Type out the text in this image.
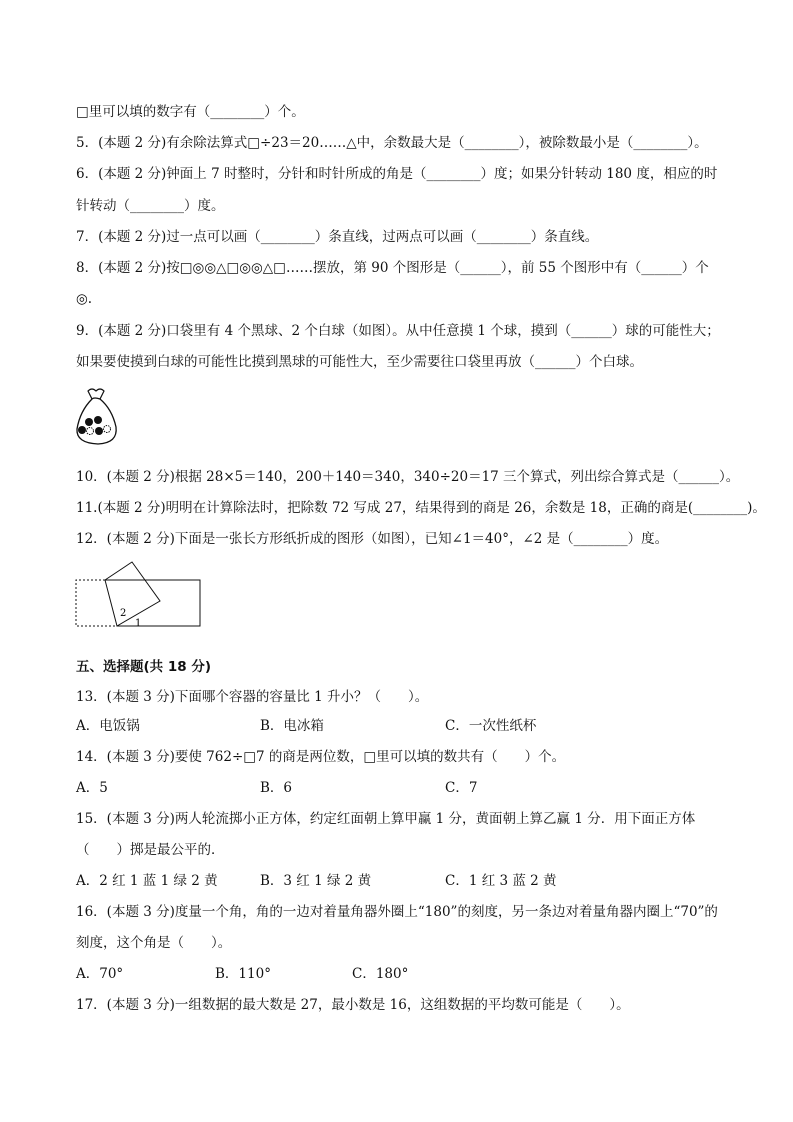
□里可以填的数字有（________）个。
5．(本题 2 分)有余除法算式□÷23＝20……△中，余数最大是（________），被除数最小是（________）。
6．(本题 2 分)钟面上 7 时整时，分针和时针所成的角是（________）度；如果分针转动 180 度，相应的时
针转动（________）度。
7．(本题 2 分)过一点可以画（________）条直线，过两点可以画（________）条直线。
8．(本题 2 分)按□◎◎△□◎◎△□……摆放，第 90 个图形是（______），前 55 个图形中有（______）个
◎.
9．(本题 2 分)口袋里有 4 个黑球、2 个白球（如图）。从中任意摸 1 个球，摸到（______）球的可能性大；
如果要使摸到白球的可能性比摸到黑球的可能性大，至少需要往口袋里再放（______）个白球。
10．(本题 2 分)根据 28×5＝140，200＋140＝340，340÷20＝17 三个算式，列出综合算式是（______）。
11.(本题 2 分)明明在计算除法时，把除数 72 写成 27，结果得到的商是 26，余数是 18，正确的商是(________)。
12．(本题 2 分)下面是一张长方形纸折成的图形（如图），已知∠1＝40°，∠2 是（________）度。
2
1
五、选择题(共 18 分)
13．(本题 3 分)下面哪个容器的容量比 1 升小？（　　）。
A．电饭锅	B．电冰箱	C．一次性纸杯
14．(本题 3 分)要使 762÷□7 的商是两位数，□里可以填的数共有（　　）个。
A．5	B．6	C．7
15．(本题 3 分)两人轮流掷小正方体，约定红面朝上算甲赢 1 分，黄面朝上算乙赢 1 分．用下面正方体
（　　）掷是最公平的．
A．2 红 1 蓝 1 绿 2 黄	B．3 红 1 绿 2 黄	C．1 红 3 蓝 2 黄
16．(本题 3 分)度量一个角，角的一边对着量角器外圈上“180”的刻度，另一条边对着量角器内圈上“70”的
刻度，这个角是（　　）。
A．70°	B．110°	C．180°
17．(本题 3 分)一组数据的最大数是 27，最小数是 16，这组数据的平均数可能是（　　）。
